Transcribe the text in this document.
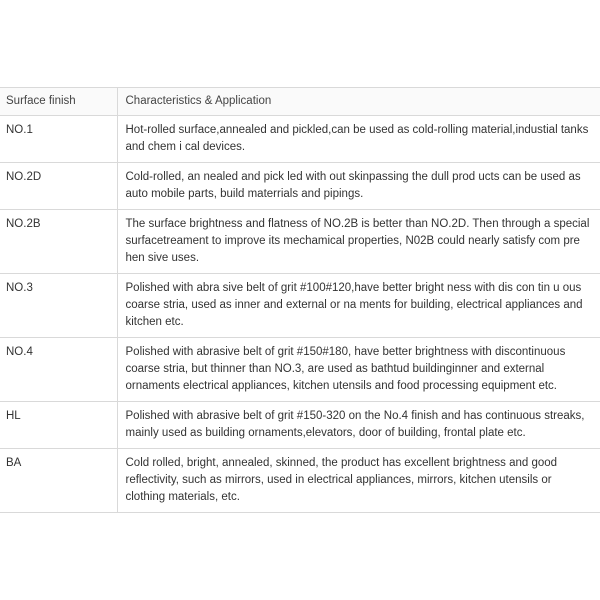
Surface finish	Characteristics & Application
NO.1	Hot-rolled surface,annealed and pickled,can be used as cold-rolling material,industial tanks and chem i cal devices.
NO.2D	Cold-rolled, an nealed and pick led with out skinpassing the dull prod ucts can be used as auto mobile parts, build materrials and pipings.
NO.2B	The surface brightness and flatness of NO.2B is better than NO.2D. Then through a special surfacetreament to improve its mechamical properties, N02B could nearly satisfy com pre hen sive uses.
NO.3	Polished with abra sive belt of grit #100#120,have better bright ness with dis con tin u ous coarse stria, used as inner and external or na ments for building, electrical appliances and kitchen etc.
NO.4	Polished with abrasive belt of grit #150#180, have better brightness with discontinuous coarse stria, but thinner than NO.3, are used as bathtud buildinginner and external ornaments electrical appliances, kitchen utensils and food processing equipment etc.
HL	Polished with abrasive belt of grit #150-320 on the No.4 finish and has continuous streaks, mainly used as building ornaments,elevators, door of building, frontal plate etc.
BA	Cold rolled, bright, annealed, skinned, the product has excellent brightness and good reflectivity, such as mirrors, used in electrical appliances, mirrors, kitchen utensils or clothing materials, etc.
